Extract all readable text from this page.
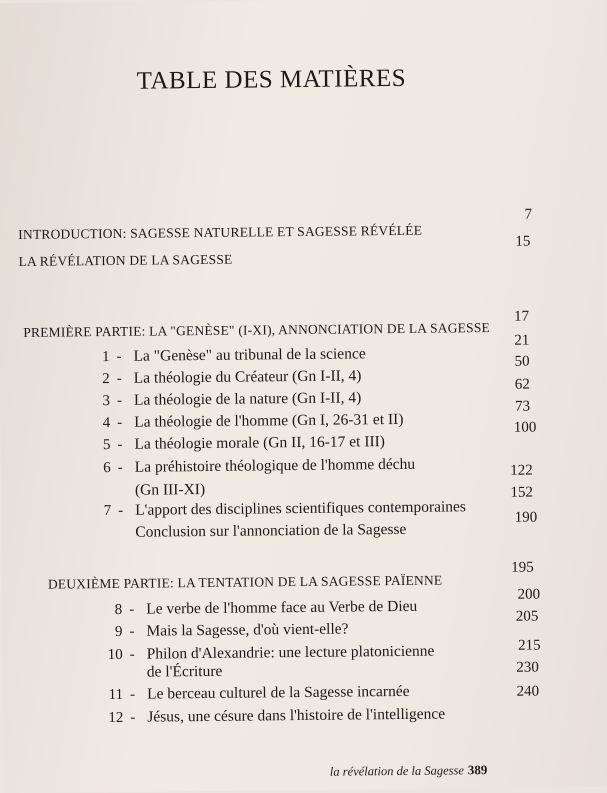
TABLE DES MATIÈRES
INTRODUCTION: SAGESSE NATURELLE ET SAGESSE RÉVÉLÉE
7
LA RÉVÉLATION DE LA SAGESSE
15
PREMIÈRE PARTIE: LA "GENÈSE" (I-XI), ANNONCIATION DE LA SAGESSE
17
1 - La "Genèse" au tribunal de la science
21
2 - La théologie du Créateur (Gn I-II, 4)
50
3 - La théologie de la nature (Gn I-II, 4)
62
4 - La théologie de l'homme (Gn I, 26-31 et II)
73
5 - La théologie morale (Gn II, 16-17 et III)
100
6 - La préhistoire théologique de l'homme déchu
(Gn III-XI)
122
7 - L'apport des disciplines scientifiques contemporaines
152
Conclusion sur l'annonciation de la Sagesse
190
DEUXIÈME PARTIE: LA TENTATION DE LA SAGESSE PAÏENNE
195
8 - Le verbe de l'homme face au Verbe de Dieu
200
9 - Mais la Sagesse, d'où vient-elle?
205
10 - Philon d'Alexandrie: une lecture platonicienne
de l'Écriture
215
11 - Le berceau culturel de la Sagesse incarnée
230
12 - Jésus, une césure dans l'histoire de l'intelligence
240
la révélation de la Sagesse 389
